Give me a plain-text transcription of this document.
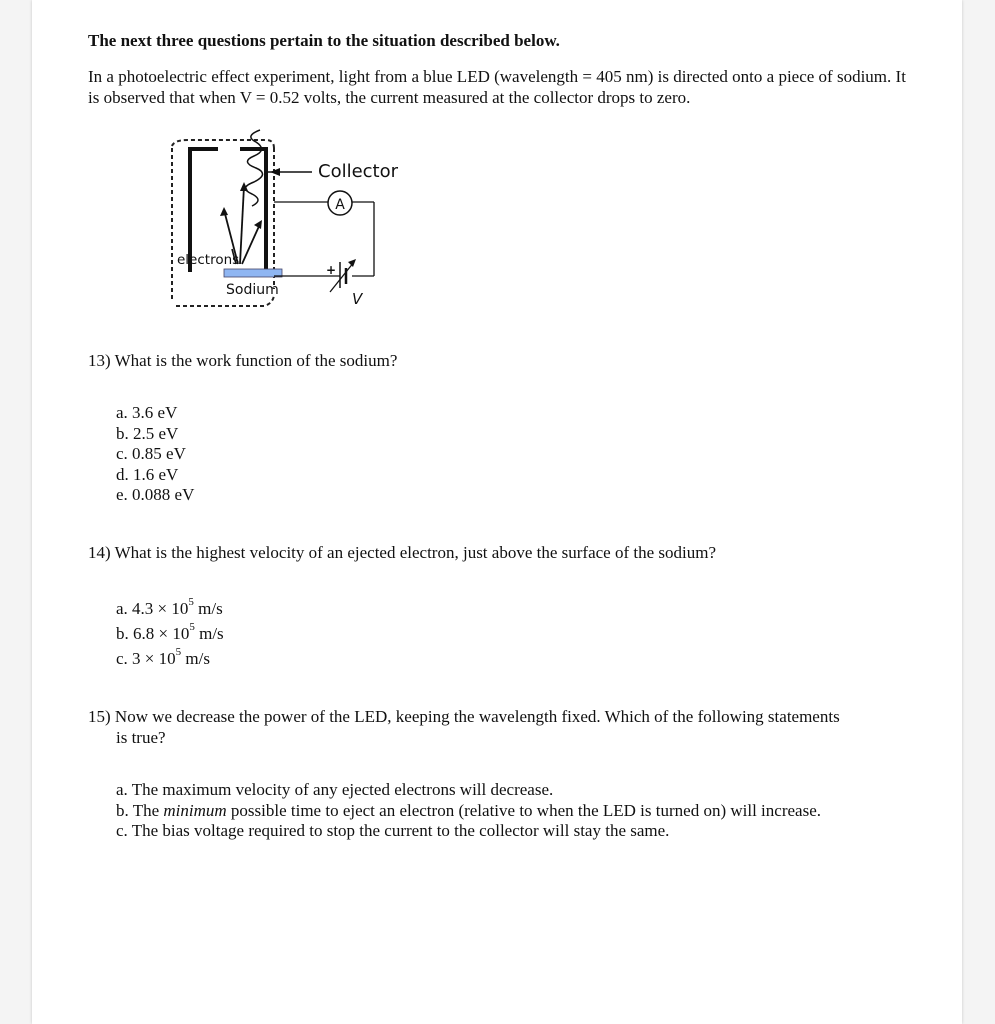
The next three questions pertain to the situation described below.
In a photoelectric effect experiment, light from a blue LED (wavelength = 405 nm) is directed onto a piece of sodium. It is observed that when V = 0.52 volts, the current measured at the collector drops to zero.
Collector
A
electrons
Sodium
+
V
13) What is the work function of the sodium?
a. 3.6 eV
b. 2.5 eV
c. 0.85 eV
d. 1.6 eV
e. 0.088 eV
14) What is the highest velocity of an ejected electron, just above the surface of the sodium?
a. $4.3 \times 10^5$ m/s
b. $6.8 \times 10^5$ m/s
c. $3 \times 10^5$ m/s
15) Now we decrease the power of the LED, keeping the wavelength fixed. Which of the following statements
is true?
a. The maximum velocity of any ejected electrons will decrease.
b. The minimum possible time to eject an electron (relative to when the LED is turned on) will increase.
c. The bias voltage required to stop the current to the collector will stay the same.
